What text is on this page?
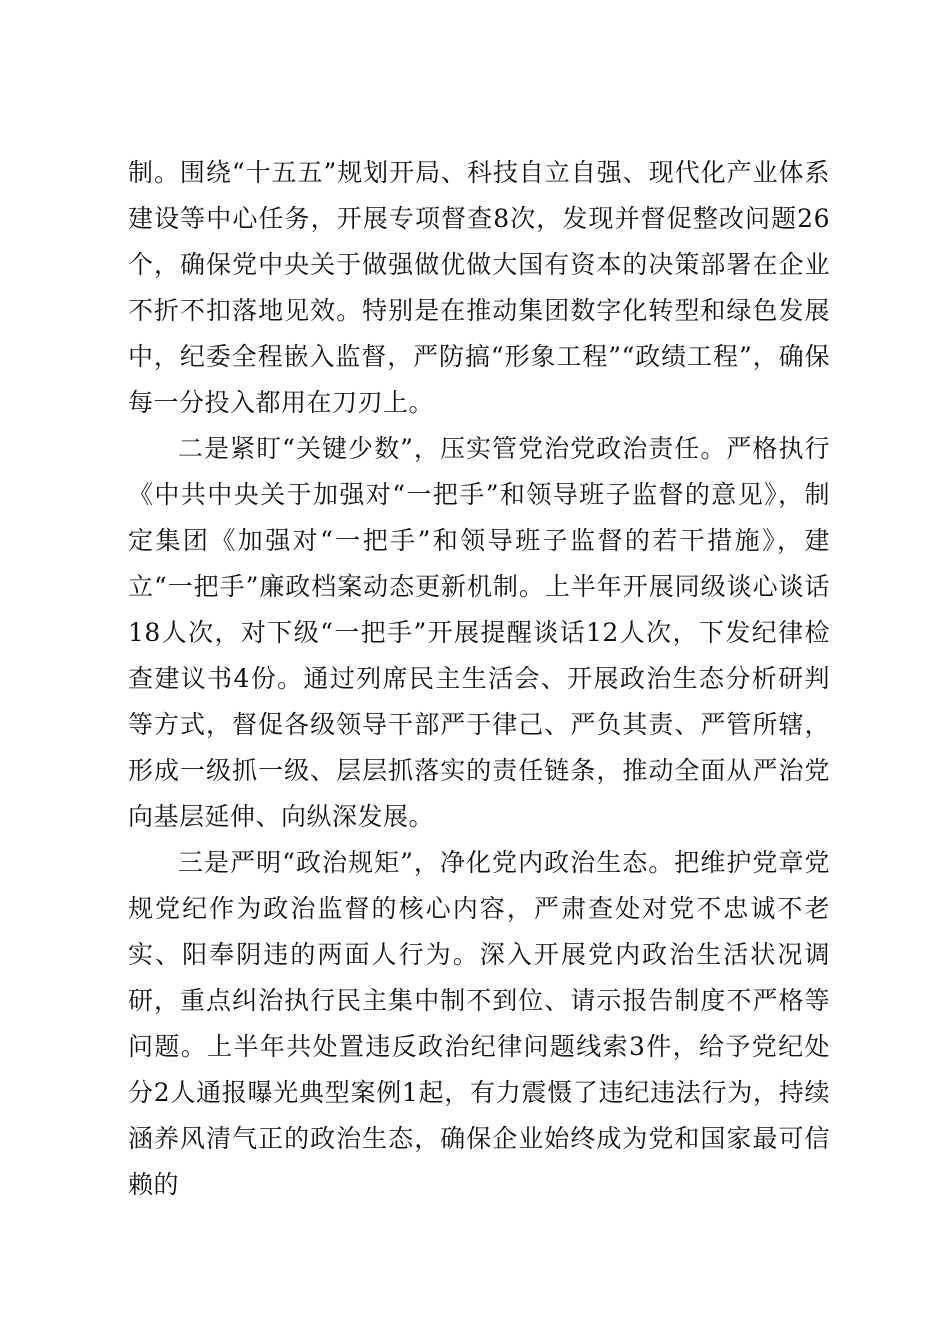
制。围绕“十五五”规划开局、科技自立自强、现代化产业体系建设等中心任务，开展专项督查8次，发现并督促整改问题26个，确保党中央关于做强做优做大国有资本的决策部署在企业不折不扣落地见效。特别是在推动集团数字化转型和绿色发展中，纪委全程嵌入监督，严防搞“形象工程”“政绩工程”，确保每一分投入都用在刀刃上。

二是紧盯“关键少数”，压实管党治党政治责任。严格执行《中共中央关于加强对“一把手”和领导班子监督的意见》，制定集团《加强对“一把手”和领导班子监督的若干措施》，建立“一把手”廉政档案动态更新机制。上半年开展同级谈心谈话18人次，对下级“一把手”开展提醒谈话12人次，下发纪律检查建议书4份。通过列席民主生活会、开展政治生态分析研判等方式，督促各级领导干部严于律己、严负其责、严管所辖，形成一级抓一级、层层抓落实的责任链条，推动全面从严治党向基层延伸、向纵深发展。

三是严明“政治规矩”，净化党内政治生态。把维护党章党规党纪作为政治监督的核心内容，严肃查处对党不忠诚不老实、阳奉阴违的两面人行为。深入开展党内政治生活状况调研，重点纠治执行民主集中制不到位、请示报告制度不严格等问题。上半年共处置违反政治纪律问题线索3件，给予党纪处分2人通报曝光典型案例1起，有力震慑了违纪违法行为，持续涵养风清气正的政治生态，确保企业始终成为党和国家最可信赖的
